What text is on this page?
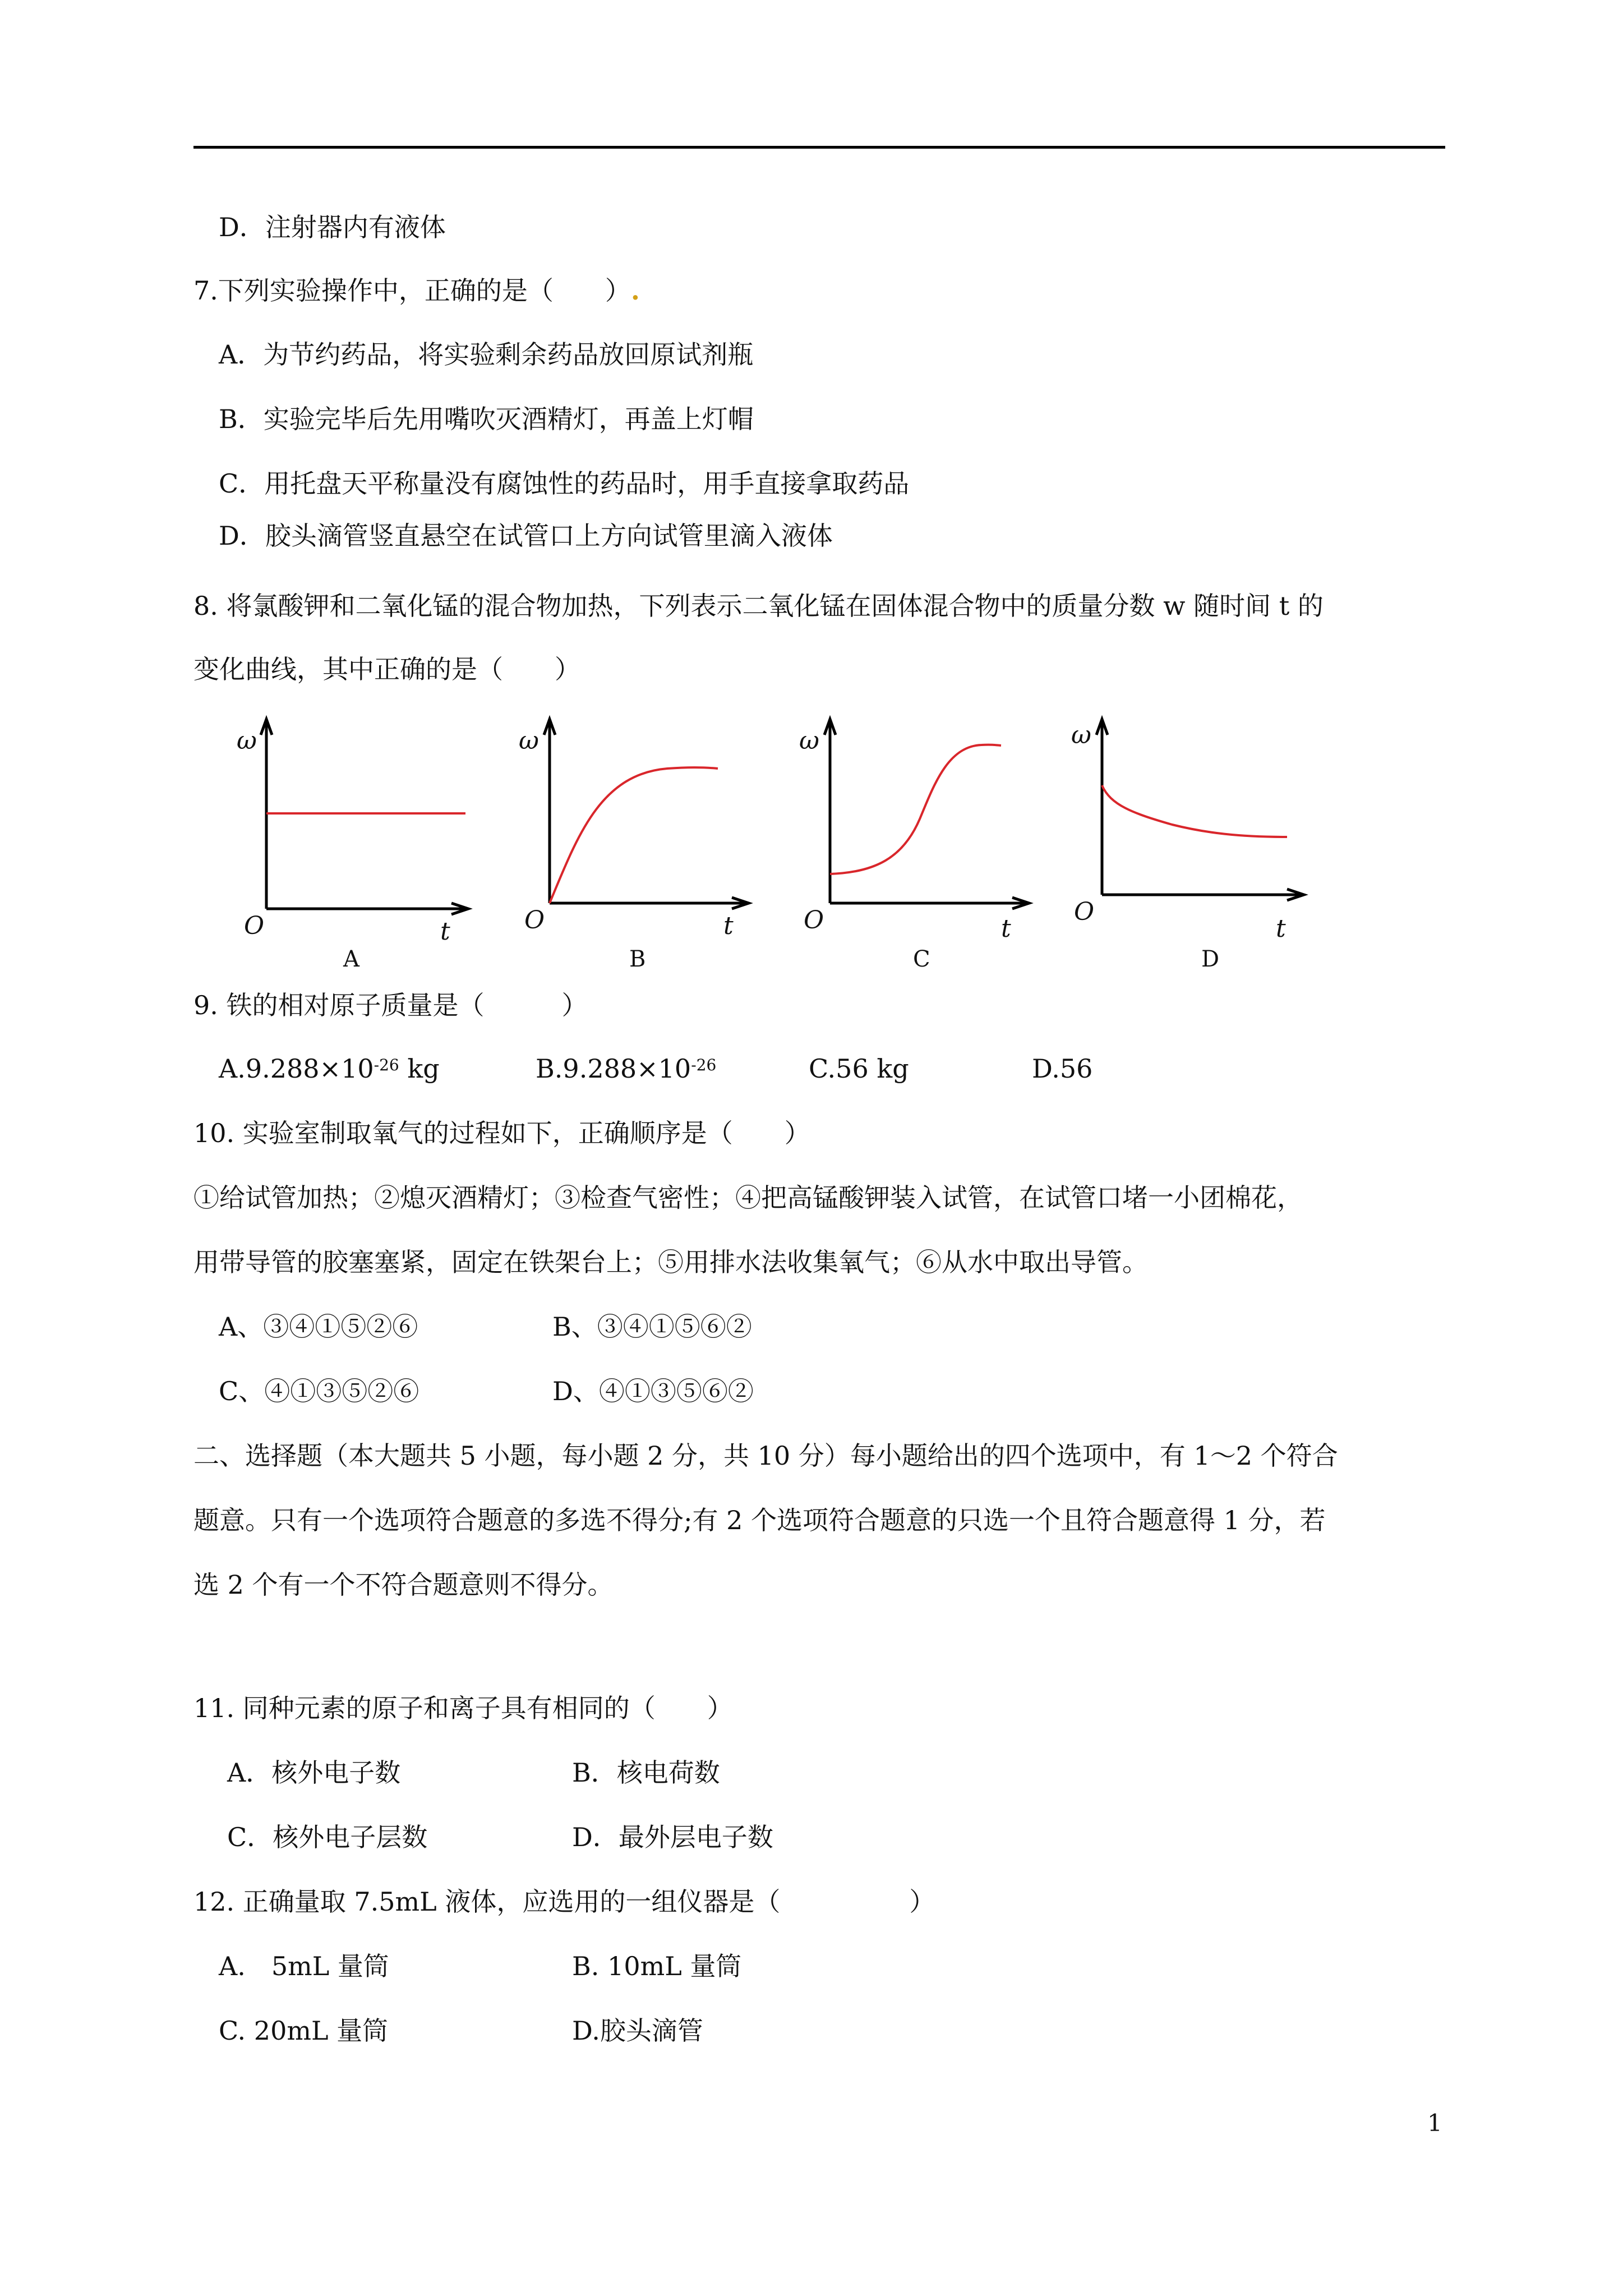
D．注射器内有液体
7.下列实验操作中，正确的是（　　）.
A．为节约药品，将实验剩余药品放回原试剂瓶
B．实验完毕后先用嘴吹灭酒精灯，再盖上灯帽
C．用托盘天平称量没有腐蚀性的药品时，用手直接拿取药品
D．胶头滴管竖直悬空在试管口上方向试管里滴入液体
8. 将氯酸钾和二氧化锰的混合物加热，下列表示二氧化锰在固体混合物中的质量分数 w 随时间 t 的
变化曲线，其中正确的是（　　）
ω
O	t
A
ω
O	t
B
ω
O	t
C
ω
O
t
D
9. 铁的相对原子质量是（　　　）
$A.9.288\times 10^{-26}$ kg	$B.9.288\times 10^{-26}$	C.56 kg	D.56
10. 实验室制取氧气的过程如下，正确顺序是（　　）
①给试管加热；②熄灭酒精灯；③检查气密性；④把高锰酸钾装入试管，在试管口堵一小团棉花，
用带导管的胶塞塞紧，固定在铁架台上；⑤用排水法收集氧气；⑥从水中取出导管。
A、③④①⑤②⑥	B、③④①⑤⑥②
C、④①③⑤②⑥	D、④①③⑤⑥②
二、选择题（本大题共 5 小题，每小题 2 分，共 10 分）每小题给出的四个选项中，有 1～2 个符合
题意。只有一个选项符合题意的多选不得分;有 2 个选项符合题意的只选一个且符合题意得 1 分，若
选 2 个有一个不符合题意则不得分。
11. 同种元素的原子和离子具有相同的（　　）
A．核外电子数	B．核电荷数
C．核外电子层数	D．最外层电子数
12. 正确量取 7.5mL 液体，应选用的一组仪器是（　　　　　）
A.　5mL 量筒	B. 10mL 量筒
C. 20mL 量筒	D.胶头滴管
1
